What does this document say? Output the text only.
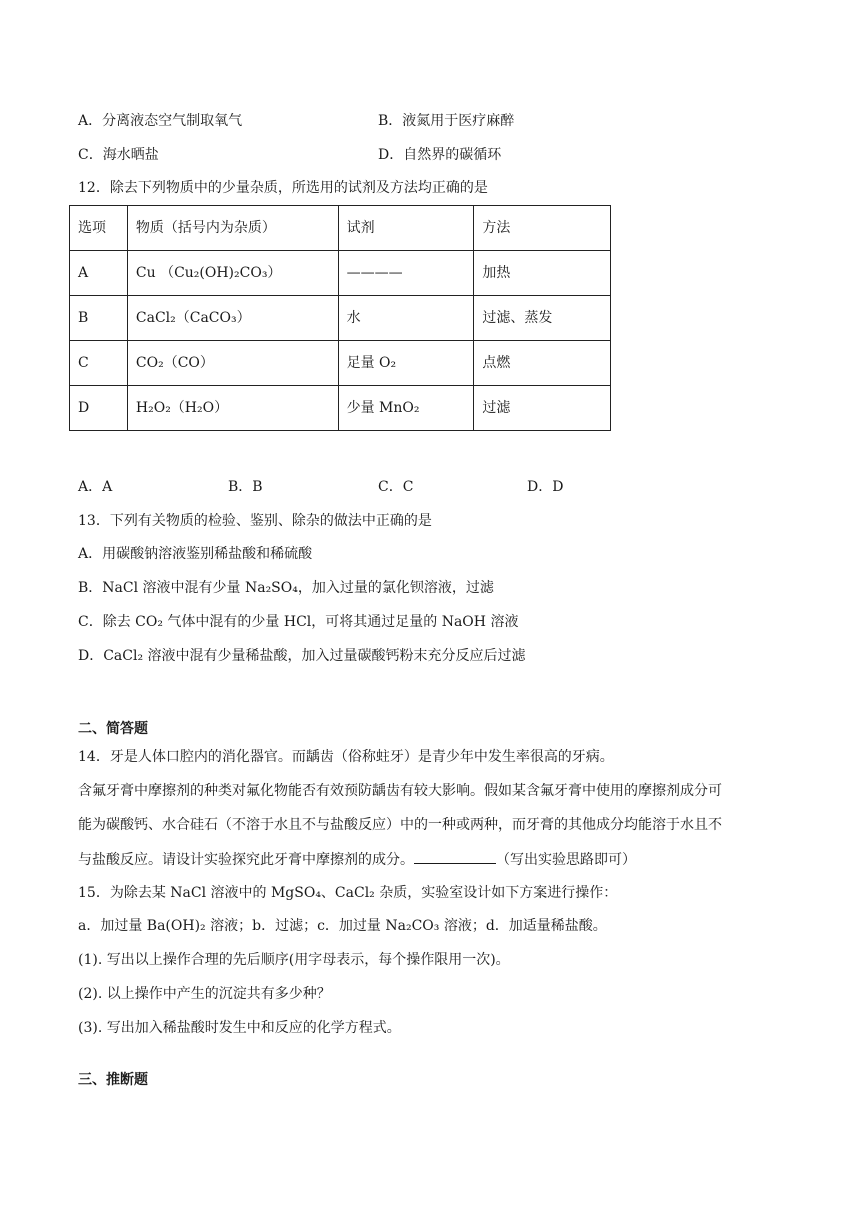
A．分离液态空气制取氧气	B．液氮用于医疗麻醉
C．海水晒盐	D．自然界的碳循环
12．除去下列物质中的少量杂质，所选用的试剂及方法均正确的是
选项	物质（括号内为杂质）	试剂	方法
A	Cu （Cu₂(OH)₂CO₃）	————	加热
B	CaCl₂（CaCO₃）	水	过滤、蒸发
C	CO₂（CO）	足量 O₂	点燃
D	H₂O₂（H₂O）	少量 MnO₂	过滤
A．A	B．B	C．C	D．D
13．下列有关物质的检验、鉴别、除杂的做法中正确的是
A．用碳酸钠溶液鉴别稀盐酸和稀硫酸
B．NaCl 溶液中混有少量 Na₂SO₄，加入过量的氯化钡溶液，过滤
C．除去 CO₂ 气体中混有的少量 HCl，可将其通过足量的 NaOH 溶液
D．CaCl₂ 溶液中混有少量稀盐酸，加入过量碳酸钙粉末充分反应后过滤
二、简答题
14．牙是人体口腔内的消化器官。而龋齿（俗称蛀牙）是青少年中发生率很高的牙病。
含氟牙膏中摩擦剂的种类对氟化物能否有效预防龋齿有较大影响。假如某含氟牙膏中使用的摩擦剂成分可
能为碳酸钙、水合硅石（不溶于水且不与盐酸反应）中的一种或两种，而牙膏的其他成分均能溶于水且不
与盐酸反应。请设计实验探究此牙膏中摩擦剂的成分。	（写出实验思路即可）
15．为除去某 NaCl 溶液中的 MgSO₄、CaCl₂ 杂质，实验室设计如下方案进行操作：
a．加过量 Ba(OH)₂ 溶液；b．过滤；c．加过量 Na₂CO₃ 溶液；d．加适量稀盐酸。
(1). 写出以上操作合理的先后顺序(用字母表示，每个操作限用一次)。
(2). 以上操作中产生的沉淀共有多少种？
(3). 写出加入稀盐酸时发生中和反应的化学方程式。
三、推断题
